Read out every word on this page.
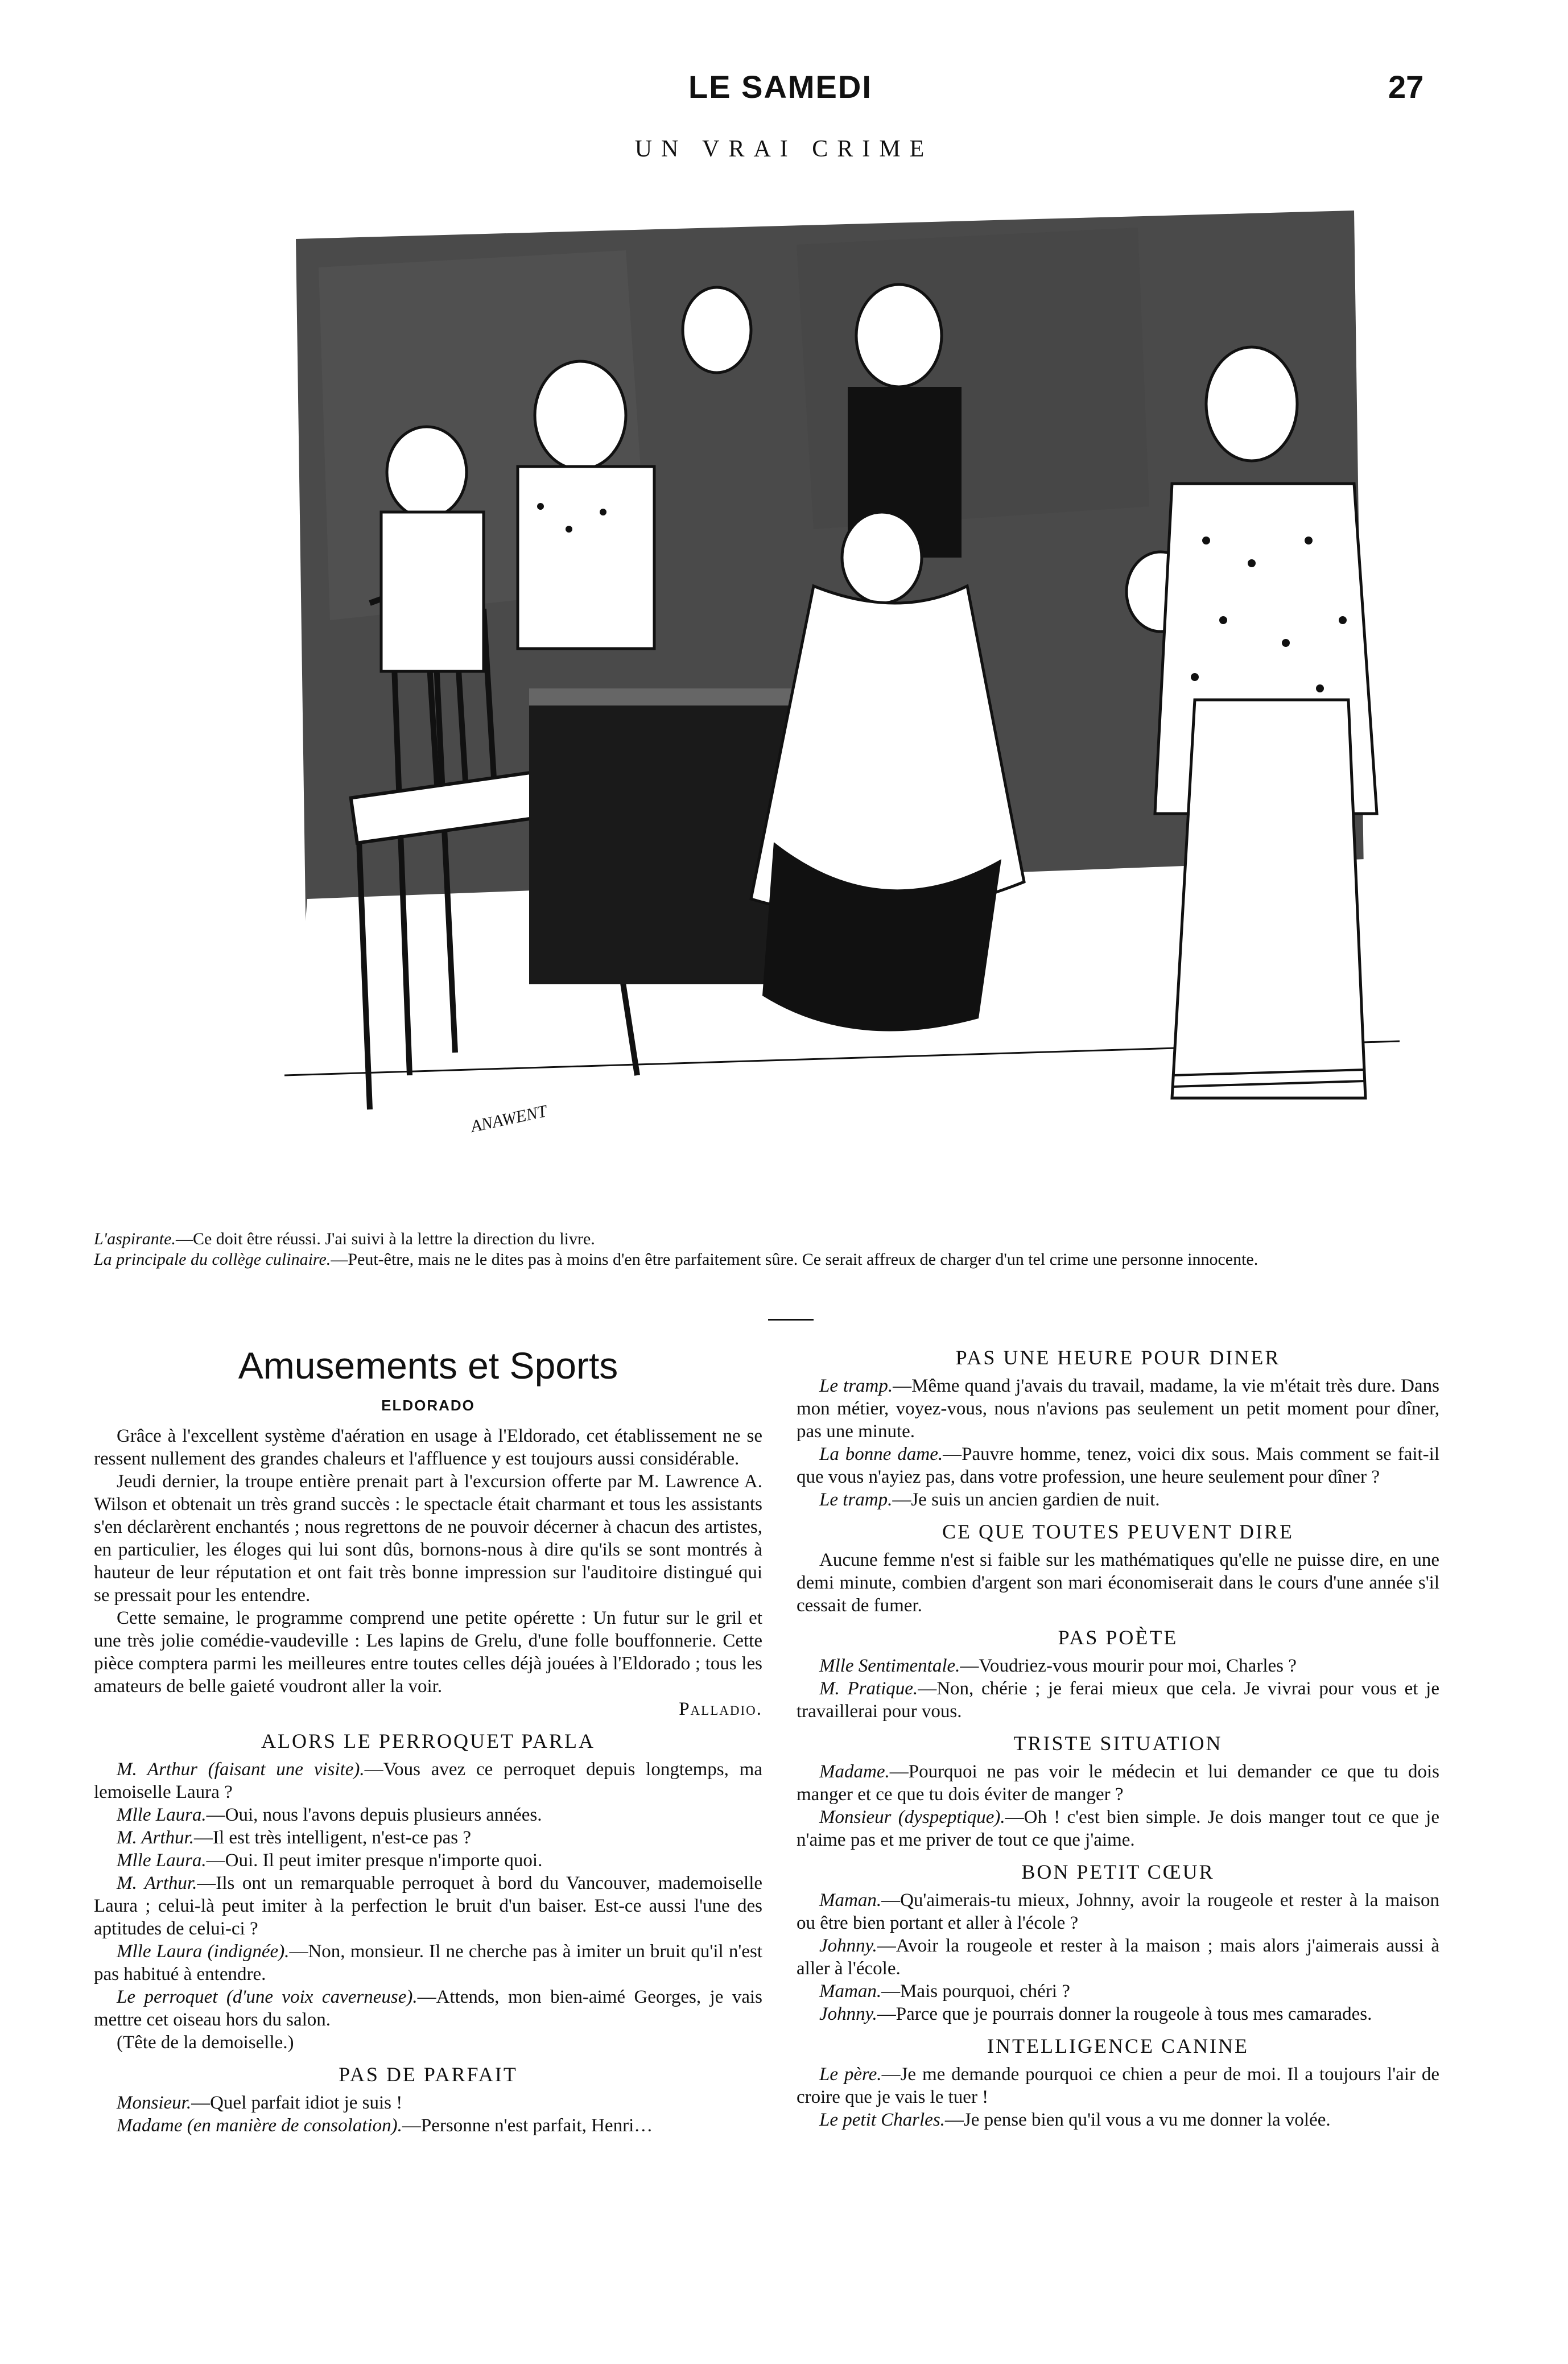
LE SAMEDI	27
UN VRAI CRIME
ANAWENT

L'aspirante.—Ce doit être réussi. J'ai suivi à la lettre la direction du livre.

La principale du collège culinaire.—Peut-être, mais ne le dites pas à moins d'en être parfaitement sûre. Ce serait affreux de charger d'un tel crime une personne innocente.

Amusements et Sports
ELDORADO

Grâce à l'excellent système d'aération en usage à l'Eldorado, cet établissement ne se ressent nullement des grandes chaleurs et l'affluence y est toujours aussi considérable.

Jeudi dernier, la troupe entière prenait part à l'excursion offerte par M. Lawrence A. Wilson et obtenait un très grand succès : le spectacle était charmant et tous les assistants s'en déclarèrent enchantés ; nous regrettons de ne pouvoir décerner à chacun des artistes, en particulier, les éloges qui lui sont dûs, bornons-nous à dire qu'ils se sont montrés à hauteur de leur réputation et ont fait très bonne impression sur l'auditoire distingué qui se pressait pour les entendre.

Cette semaine, le programme comprend une petite opérette : Un futur sur le gril et une très jolie comédie-vaudeville : Les lapins de Grelu, d'une folle bouffonnerie. Cette pièce comptera parmi les meilleures entre toutes celles déjà jouées à l'Eldorado ; tous les amateurs de belle gaieté voudront aller la voir.

Palladio.

ALORS LE PERROQUET PARLA

M. Arthur (faisant une visite).—Vous avez ce perroquet depuis longtemps, ma lemoiselle Laura ?

Mlle Laura.—Oui, nous l'avons depuis plusieurs années.

M. Arthur.—Il est très intelligent, n'est-ce pas ?

Mlle Laura.—Oui. Il peut imiter presque n'importe quoi.

M. Arthur.—Ils ont un remarquable perroquet à bord du Vancouver, mademoiselle Laura ; celui-là peut imiter à la perfection le bruit d'un baiser. Est-ce aussi l'une des aptitudes de celui-ci ?

Mlle Laura (indignée).—Non, monsieur. Il ne cherche pas à imiter un bruit qu'il n'est pas habitué à entendre.

Le perroquet (d'une voix caverneuse).—Attends, mon bien-aimé Georges, je vais mettre cet oiseau hors du salon.

(Tête de la demoiselle.)

PAS DE PARFAIT

Monsieur.—Quel parfait idiot je suis !

Madame (en manière de consolation).—Personne n'est parfait, Henri…

PAS UNE HEURE POUR DINER

Le tramp.—Même quand j'avais du travail, madame, la vie m'était très dure. Dans mon métier, voyez-vous, nous n'avions pas seulement un petit moment pour dîner, pas une minute.

La bonne dame.—Pauvre homme, tenez, voici dix sous. Mais comment se fait-il que vous n'ayiez pas, dans votre profession, une heure seulement pour dîner ?

Le tramp.—Je suis un ancien gardien de nuit.

CE QUE TOUTES PEUVENT DIRE

Aucune femme n'est si faible sur les mathématiques qu'elle ne puisse dire, en une demi minute, combien d'argent son mari économiserait dans le cours d'une année s'il cessait de fumer.

PAS POÈTE

Mlle Sentimentale.—Voudriez-vous mourir pour moi, Charles ?

M. Pratique.—Non, chérie ; je ferai mieux que cela. Je vivrai pour vous et je travaillerai pour vous.

TRISTE SITUATION

Madame.—Pourquoi ne pas voir le médecin et lui demander ce que tu dois manger et ce que tu dois éviter de manger ?

Monsieur (dyspeptique).—Oh ! c'est bien simple. Je dois manger tout ce que je n'aime pas et me priver de tout ce que j'aime.

BON PETIT CŒUR

Maman.—Qu'aimerais-tu mieux, Johnny, avoir la rougeole et rester à la maison ou être bien portant et aller à l'école ?

Johnny.—Avoir la rougeole et rester à la maison ; mais alors j'aimerais aussi à aller à l'école.

Maman.—Mais pourquoi, chéri ?

Johnny.—Parce que je pourrais donner la rougeole à tous mes camarades.

INTELLIGENCE CANINE

Le père.—Je me demande pourquoi ce chien a peur de moi. Il a toujours l'air de croire que je vais le tuer !

Le petit Charles.—Je pense bien qu'il vous a vu me donner la volée.
